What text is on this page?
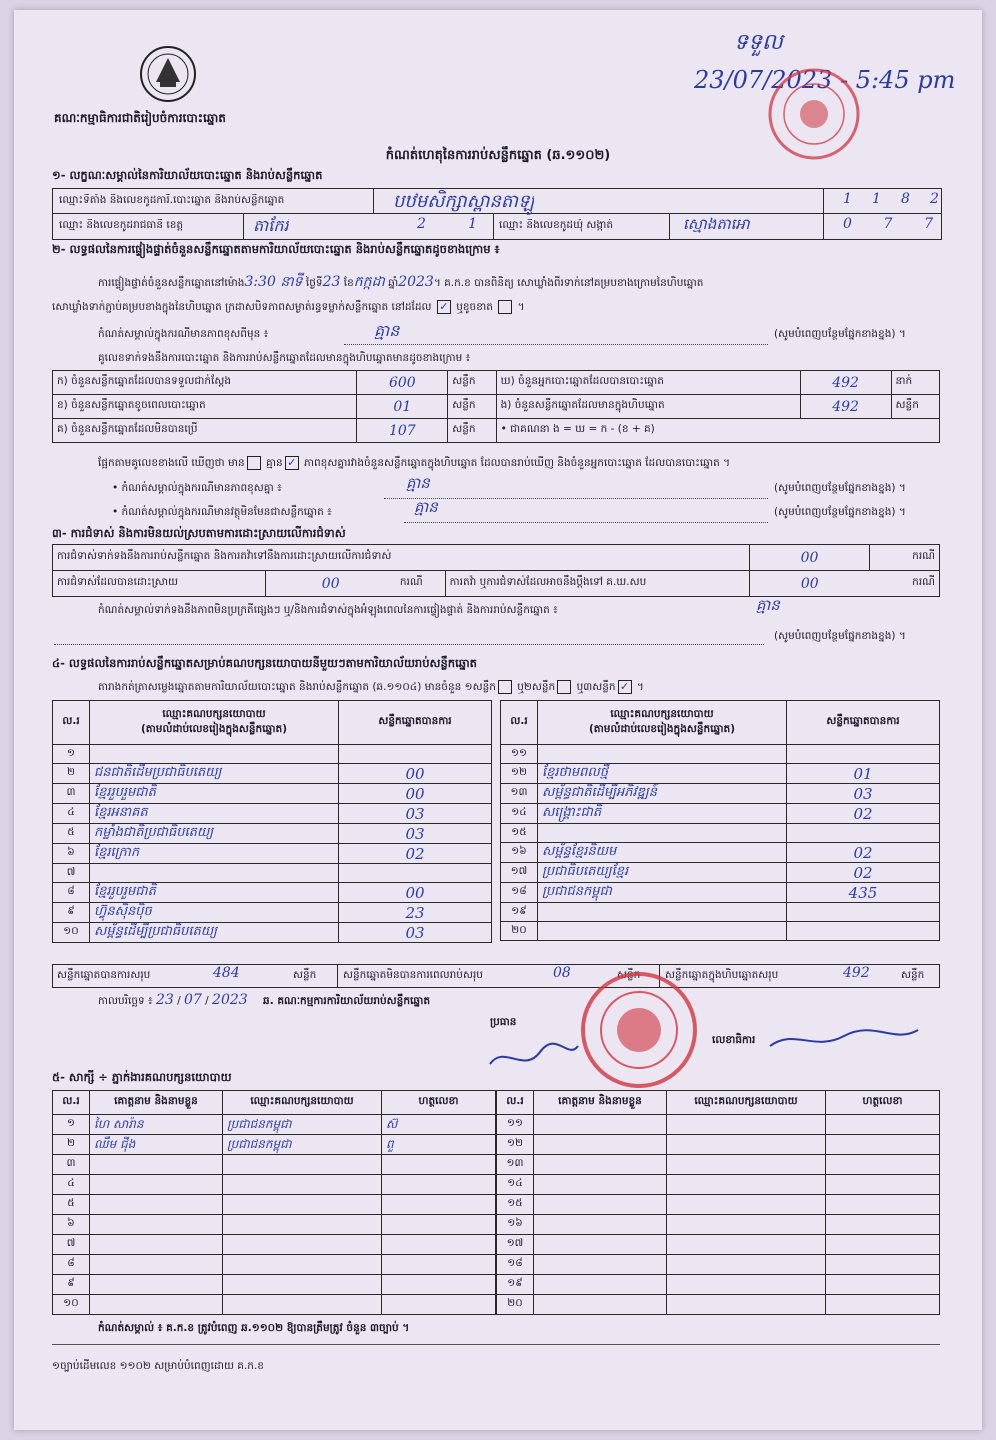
គណៈកម្មាធិការជាតិរៀបចំការបោះឆ្នោត
ទទួល
23/07/2023 - 5:45 pm
កំណត់ហេតុនៃការរាប់សន្លឹកឆ្នោត (ឆ.១១០២)
១- លក្ខណៈសម្គាល់នៃការិយាល័យបោះឆ្នោត និងរាប់សន្លឹកឆ្នោត
ឈ្មោះទីតាំង និងលេខកូដការិ.បោះឆ្នោត និងរាប់សន្លឹកឆ្នោត	បឋមសិក្សាស្ពានតាឡូ	1 1 8 2
ឈ្មោះ និងលេខកូដរាជធានី ខេត្ត	តាកែវ	2	1 ឈ្មោះ និងលេខកូដឃុំ សង្កាត់	ស្មោងតាអោ	0 7 7
២- លទ្ធផលនៃការផ្ទៀងផ្ទាត់ចំនួនសន្លឹកឆ្នោតតាមការិយាល័យបោះឆ្នោត និងរាប់សន្លឹកឆ្នោតដូចខាងក្រោម ៖
ការផ្ទៀងផ្ទាត់ចំនួនសន្លឹកឆ្នោតនៅម៉ោង3:30 នាទី ថ្ងៃទី23 ខែកក្កដា ឆ្នាំ2023។ គ.ក.ខ បានពិនិត្យ សោឃ្លាំងពីរទាក់នៅគម្របខាងក្រោមនៃហិបឆ្នោត
សោឃ្លាំងទាក់ភ្ជាប់គម្របខាងក្នុងនៃហិបឆ្នោត ក្រដាសបិទភាពសម្ងាត់រន្ធទម្លាក់សន្លឹកឆ្នោត នៅដដែល ✓ ឬខូចខាត ។
កំណត់សម្គាល់ក្នុងករណីមានភាពខុសពីមុន ៖	គ្មាន	(សូមបំពេញបន្ថែមផ្នែកខាងខ្នង) ។
គូលេខទាក់ទងនឹងការបោះឆ្នោត និងការរាប់សន្លឹកឆ្នោតដែលមានក្នុងហិបឆ្នោតមានដូចខាងក្រោម ៖
ក) ចំនួនសន្លឹកឆ្នោតដែលបានទទួលជាក់ស្តែង	600	សន្លឹក	ឃ) ចំនួនអ្នកបោះឆ្នោតដែលបានបោះឆ្នោត	492	នាក់
ខ) ចំនួនសន្លឹកឆ្នោតខូចពេលបោះឆ្នោត	01	សន្លឹក	ង) ចំនួនសន្លឹកឆ្នោតដែលមានក្នុងហិបឆ្នោត	492	សន្លឹក
គ) ចំនួនសន្លឹកឆ្នោតដែលមិនបានប្រើ	107	សន្លឹក	• ជាគណនា ង = ឃ = ក - (ខ + គ)		
ផ្អែកតាមគូលេខខាងលើ ឃើញថា មាន គ្មាន ✓ ភាពខុសគ្នារវាងចំនួនសន្លឹកឆ្នោតក្នុងហិបឆ្នោត ដែលបានរាប់ឃើញ និងចំនួនអ្នកបោះឆ្នោត ដែលបានបោះឆ្នោត ។
• កំណត់សម្គាល់ក្នុងករណីមានភាពខុសគ្នា ៖	គ្មាន	(សូមបំពេញបន្ថែមផ្នែកខាងខ្នង) ។
• កំណត់សម្គាល់ក្នុងករណីមានវត្ថុមិនមែនជាសន្លឹកឆ្នោត ៖	គ្មាន	(សូមបំពេញបន្ថែមផ្នែកខាងខ្នង) ។
៣- ការជំទាស់ និងការមិនយល់ស្របតាមការដោះស្រាយលើការជំទាស់
ការជំទាស់ទាក់ទងនឹងការរាប់សន្លឹកឆ្នោត និងការតវ៉ាទៅនឹងការដោះស្រាយលើការជំទាស់				00	ករណី
ការជំទាស់ដែលបានដោះស្រាយ	00	ករណី	ការតវ៉ា ឬការជំទាស់ដែលអាចនឹងប្តឹងទៅ គ.ឃ.សប	00	ករណី
កំណត់សម្គាល់ទាក់ទងនឹងភាពមិនប្រក្រតីផ្សេងៗ ឬ/និងការជំទាស់ក្នុងអំឡុងពេលនៃការផ្ទៀងផ្ទាត់ និងការរាប់សន្លឹកឆ្នោត ៖	គ្មាន
(សូមបំពេញបន្ថែមផ្នែកខាងខ្នង) ។
៤- លទ្ធផលនៃការរាប់សន្លឹកឆ្នោតសម្រាប់គណបក្សនយោបាយនីមួយៗតាមការិយាល័យរាប់សន្លឹកឆ្នោត
តារាងកត់ត្រាសម្លេងឆ្នោតតាមការិយាល័យបោះឆ្នោត និងរាប់សន្លឹកឆ្នោត (ឆ.១១០៤) មានចំនួន ១សន្លឹក ឬ២សន្លឹក ឬ៣សន្លឹក ✓ ។
ល.រ	ឈ្មោះគណបក្សនយោបាយ
(តាមលំដាប់លេខរៀងក្នុងសន្លឹកឆ្នោត)	សន្លឹកឆ្នោតបានការ
១		
២	ជនជាតិដើមប្រជាធិបតេយ្យ	00
៣	ខ្មែររួបរួមជាតិ	00
៤	ខ្មែរអនាគត	03
៥	កម្លាំងជាតិប្រជាធិបតេយ្យ	03
៦	ខ្មែរក្រោក	02
៧		
៨	ខ្មែររួបរួមជាតិ	00
៩	ហ៊្វុនស៊ិនប៉ិច	23
១០	សម្ព័ន្ធដើម្បីប្រជាធិបតេយ្យ	03
ល.រ	ឈ្មោះគណបក្សនយោបាយ
(តាមលំដាប់លេខរៀងក្នុងសន្លឹកឆ្នោត)	សន្លឹកឆ្នោតបានការ
១១		
១២	ខ្មែរថាមពលថ្មី	01
១៣	សម្ព័ន្ធជាតិដើម្បីអភិវឌ្ឍន៍	03
១៤	សង្គ្រោះជាតិ	02
១៥		
១៦	សម្ព័ន្ធខ្មែរនិយម	02
១៧	ប្រជាធិបតេយ្យខ្មែរ	02
១៨	ប្រជាជនកម្ពុជា	435
១៩		
២០		
សន្លឹកឆ្នោតបានការសរុប	484	សន្លឹក	សន្លឹកឆ្នោតមិនបានការពេលរាប់សរុប	08	សន្លឹក សន្លឹកឆ្នោតក្នុងហិបឆ្នោតសរុប	492	សន្លឹក
កាលបរិច្ឆេទ ៖ 23 / 07 / 2023 ឆ. គណៈកម្មការការិយាល័យរាប់សន្លឹកឆ្នោត
ប្រធាន
លេខាធិការ
៥- សាក្សី ÷ ភ្នាក់ងារគណបក្សនយោបាយ
ល.រ	គោត្តនាម និងនាមខ្លួន	ឈ្មោះគណបក្សនយោបាយ	ហត្ថលេខា
១	ហៃ សារ៉ាន	ប្រជាជនកម្ពុជា	ស៊
២	ឈឹម ជ៉ីង	ប្រជាជនកម្ពុជា	ពួ
៣			
៤			
៥			
៦			
៧			
៨			
៩			
១០			
ល.រ	គោត្តនាម និងនាមខ្លួន	ឈ្មោះគណបក្សនយោបាយ	ហត្ថលេខា
១១			
១២			
១៣			
១៤			
១៥			
១៦			
១៧			
១៨			
១៩			
២០			
កំណត់សម្គាល់ ៖ គ.ក.ខ ត្រូវបំពេញ ឆ.១១០២ ឱ្យបានត្រឹមត្រូវ ចំនួន ៣ច្បាប់ ។
១ច្បាប់ដើមលេខ ១១០២ សម្រាប់បំពេញដោយ គ.ក.ខ
